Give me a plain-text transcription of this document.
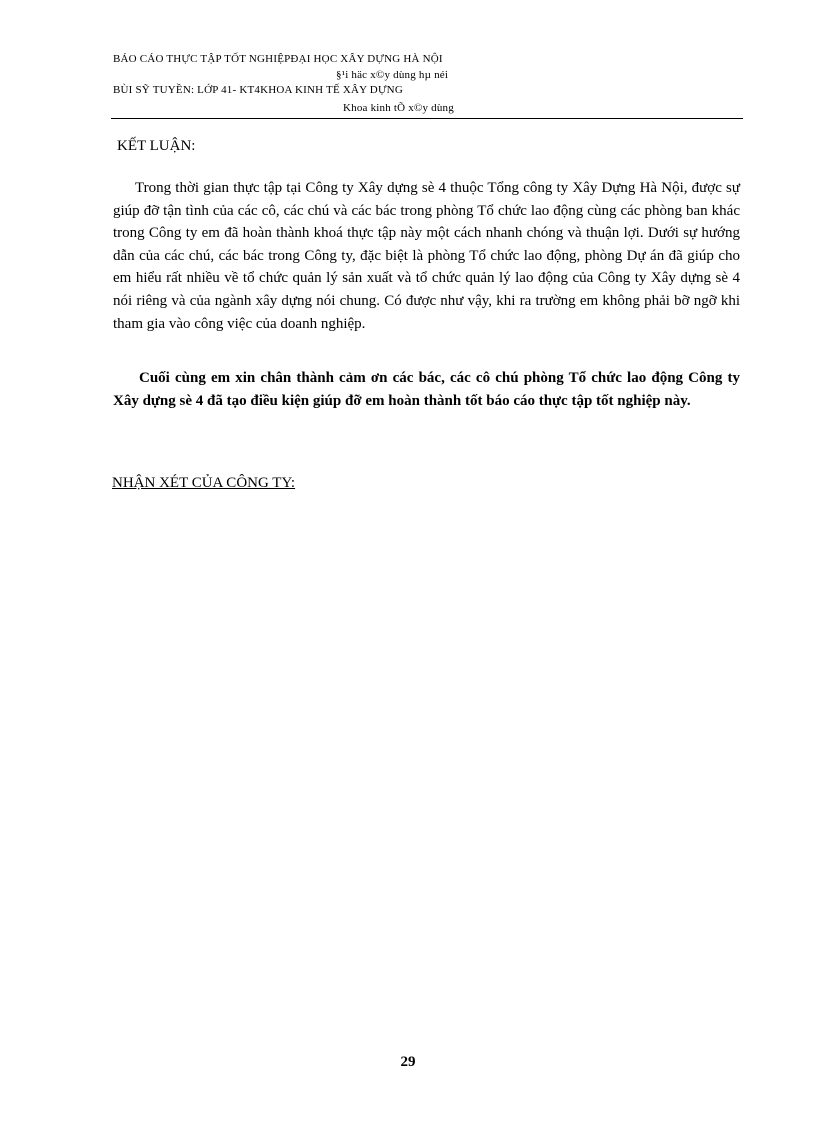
BÁO CÁO THỰC TẬP TỐT NGHIỆPĐẠI HỌC XÂY DỰNG HÀ NỘI
§¹i häc x©y dùng hµ néi
BÙI SỸ TUYỀN: LỚP 41- KT4KHOA KINH TẾ XÂY DỰNG
Khoa kinh tÕ x©y dùng
KẾT LUẬN:
Trong thời gian thực tập tại Công ty Xây dựng sè 4 thuộc Tổng công ty Xây Dựng Hà Nội, được sự giúp đỡ tận tình của các cô, các chú và các bác trong phòng Tổ chức lao động cùng các phòng ban khác trong Công ty em đã hoàn thành khoá thực tập này một cách nhanh chóng và thuận lợi. Dưới sự hướng dẫn của các chú, các bác trong Công ty, đặc biệt là phòng Tổ chức lao động, phòng Dự án đã giúp cho em hiểu rất nhiều về tổ chức quản lý sản xuất và tổ chức quản lý lao động của Công ty Xây dựng sè 4 nói riêng và của ngành xây dựng nói chung. Có được như vậy, khi ra trường em không phải bỡ ngỡ khi tham gia vào công việc của doanh nghiệp.
Cuối cùng em xin chân thành cảm ơn các bác, các cô chú phòng Tổ chức lao động Công ty Xây dựng sè 4 đã tạo điều kiện giúp đỡ em hoàn thành tốt báo cáo thực tập tốt nghiệp này.
NHẬN XÉT CỦA CÔNG TY:
29
